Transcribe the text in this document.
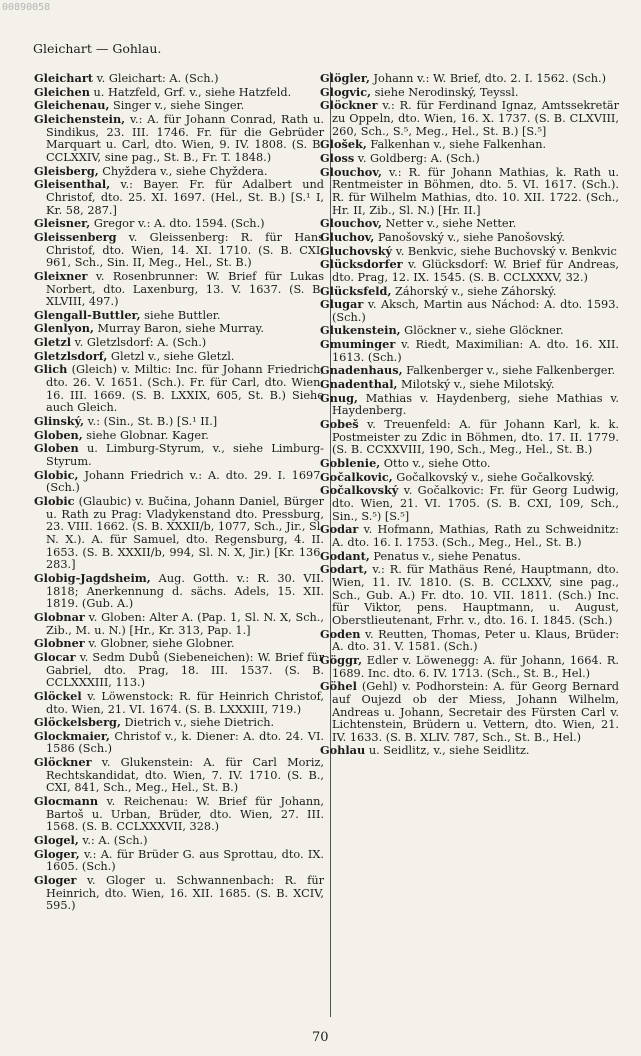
00890058
Gleichart — Gohlau.

Gleichart v. Gleichart: A. (Sch.)

Gleichen u. Hatzfeld, Grf. v., siehe Hatzfeld.

Gleichenau, Singer v., siehe Singer.

Gleichenstein, v.: A. für Johann Conrad, Rath u. Sindikus, 23. III. 1746. Fr. für die Gebrüder Marquart u. Carl, dto. Wien, 9. IV. 1808. (S. B. CCLXXIV, sine pag., St. B., Fr. T. 1848.)

Gleisberg, Chyždera v., siehe Chyždera.

Gleisenthal, v.: Bayer. Fr. für Adalbert und Christof, dto. 25. XI. 1697. (Hel., St. B.) [S.¹ I, Kr. 58, 287.]

Gleisner, Gregor v.: A. dto. 1594. (Sch.)

Gleissenberg v. Gleissenberg: R. für Hans Christof, dto. Wien, 14. XI. 1710. (S. B. CXI, 961, Sch., Sin. II, Meg., Hel., St. B.)

Gleixner v. Rosenbrunner: W. Brief für Lukas Norbert, dto. Laxenburg, 13. V. 1637. (S. B. XLVIII, 497.)

Glengall-Buttler, siehe Buttler.

Glenlyon, Murray Baron, siehe Murray.

Gletzl v. Gletzlsdorf: A. (Sch.)

Gletzlsdorf, Gletzl v., siehe Gletzl.

Glich (Gleich) v. Miltic: Inc. für Johann Friedrich, dto. 26. V. 1651. (Sch.). Fr. für Carl, dto. Wien, 16. III. 1669. (S. B. LXXIX, 605, St. B.) Siehe auch Gleich.

Glinský, v.: (Sin., St. B.) [S.¹ II.]

Globen, siehe Globnar. Kager.

Globen u. Limburg-Styrum, v., siehe Limburg-Styrum.

Globic, Johann Friedrich v.: A. dto. 29. I. 1697. (Sch.)

Globic (Glaubic) v. Bučina, Johann Daniel, Bürger u. Rath zu Prag: Vladykenstand dto. Pressburg, 23. VIII. 1662. (S. B. XXXII/b, 1077, Sch., Jir., Sl. N. X.). A. für Samuel, dto. Regensburg, 4. II. 1653. (S. B. XXXII/b, 994, Sl. N. X, Jir.) [Kr. 136, 283.]

Globig-Jagdsheim, Aug. Gotth. v.: R. 30. VII. 1818; Anerkennung d. sächs. Adels, 15. XII. 1819. (Gub. A.)

Globnar v. Globen: Alter A. (Pap. 1, Sl. N. X, Sch., Zib., M. u. N.) [Hr., Kr. 313, Pap. 1.]

Globner v. Globner, siehe Globner.

Glocar v. Sedm Dubů (Siebeneichen): W. Brief für Gabriel, dto. Prag, 18. III. 1537. (S. B. CCLXXXIII, 113.)

Glöckel v. Löwenstock: R. für Heinrich Christof, dto. Wien, 21. VI. 1674. (S. B. LXXXIII, 719.)

Glöckelsberg, Dietrich v., siehe Dietrich.

Glockmaier, Christof v., k. Diener: A. dto. 24. VI. 1586 (Sch.)

Glöckner v. Glukenstein: A. für Carl Moriz, Rechtskandidat, dto. Wien, 7. IV. 1710. (S. B., CXI, 841, Sch., Meg., Hel., St. B.)

Glocmann v. Reichenau: W. Brief für Johann, Bartoš u. Urban, Brüder, dto. Wien, 27. III. 1568. (S. B. CCLXXXVII, 328.)

Glogel, v.: A. (Sch.)

Gloger, v.: A. für Brüder G. aus Sprottau, dto. IX. 1605. (Sch.)

Gloger v. Gloger u. Schwannenbach: R. für Heinrich, dto. Wien, 16. XII. 1685. (S. B. XCIV, 595.)

Glögler, Johann v.: W. Brief, dto. 2. I. 1562. (Sch.)

Glogvic, siehe Nerodinský, Teyssl.

Glöckner v.: R. für Ferdinand Ignaz, Amtssekretär zu Oppeln, dto. Wien, 16. X. 1737. (S. B. CLXVIII, 260, Sch., S.⁵, Meg., Hel., St. B.) [S.⁵]

Glošek, Falkenhan v., siehe Falkenhan.

Gloss v. Goldberg: A. (Sch.)

Glouchov, v.: R. für Johann Mathias, k. Rath u. Rentmeister in Böhmen, dto. 5. VI. 1617. (Sch.). R. für Wilhelm Mathias, dto. 10. XII. 1722. (Sch., Hr. II, Zib., Sl. N.) [Hr. II.]

Glouchov, Netter v., siehe Netter.

Gluchov, Panošovský v., siehe Panošovský.

Gluchovský v. Benkvic, siehe Buchovský v. Benkvic

Glücksdorfer v. Glücksdorf: W. Brief für Andreas, dto. Prag, 12. IX. 1545. (S. B. CCLXXXV, 32.)

Glücksfeld, Záhorský v., siehe Záhorský.

Glugar v. Aksch, Martin aus Náchod: A. dto. 1593. (Sch.)

Glukenstein, Glöckner v., siehe Glöckner.

Gmuminger v. Riedt, Maximilian: A. dto. 16. XII. 1613. (Sch.)

Gnadenhaus, Falkenberger v., siehe Falkenberger.

Gnadenthal, Milotský v., siehe Milotský.

Gnug, Mathias v. Haydenberg, siehe Mathias v. Haydenberg.

Gobeš v. Treuenfeld: A. für Johann Karl, k. k. Postmeister zu Zdic in Böhmen, dto. 17. II. 1779. (S. B. CCXXVIII, 190, Sch., Meg., Hel., St. B.)

Goblenie, Otto v., siehe Otto.

Gočalkovic, Gočalkovský v., siehe Gočalkovský.

Gočalkovský v. Gočalkovic: Fr. für Georg Ludwig, dto. Wien, 21. VI. 1705. (S. B. CXI, 109, Sch., Sin., S.⁵) [S.⁵]

Godar v. Hofmann, Mathias, Rath zu Schweidnitz: A. dto. 16. I. 1753. (Sch., Meg., Hel., St. B.)

Godant, Penatus v., siehe Penatus.

Godart, v.: R. für Mathäus René, Hauptmann, dto. Wien, 11. IV. 1810. (S. B. CCLXXV, sine pag., Sch., Gub. A.) Fr. dto. 10. VII. 1811. (Sch.) Inc. für Viktor, pens. Hauptmann, u. August, Oberstlieutenant, Frhr. v., dto. 16. I. 1845. (Sch.)

Goden v. Reutten, Thomas, Peter u. Klaus, Brüder: A. dto. 31. V. 1581. (Sch.)

Göggr, Edler v. Löwenegg: A. für Johann, 1664. R. 1689. Inc. dto. 6. IV. 1713. (Sch., St. B., Hel.)

Göhel (Gehl) v. Podhorstein: A. für Georg Bernard auf Oujezd ob der Miess, Johann Wilhelm, Andreas u. Johann, Secretair des Fürsten Carl v. Lichtenstein, Brüdern u. Vettern, dto. Wien, 21. IV. 1633. (S. B. XLIV. 787, Sch., St. B., Hel.)

Gohlau u. Seidlitz, v., siehe Seidlitz.

70
